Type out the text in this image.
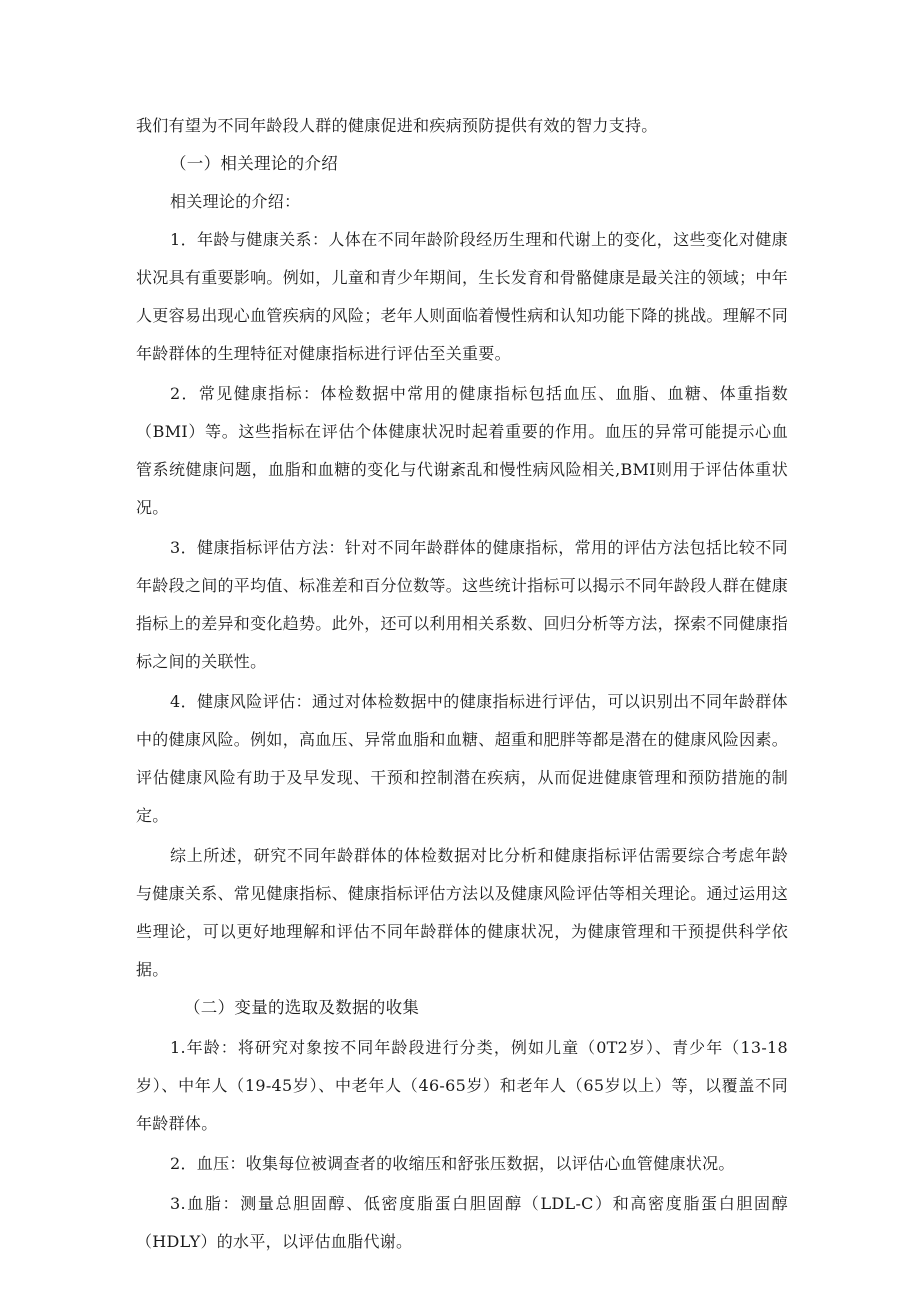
我们有望为不同年龄段人群的健康促进和疾病预防提供有效的智力支持。

（一）相关理论的介绍

相关理论的介绍：

1．年龄与健康关系：人体在不同年龄阶段经历生理和代谢上的变化，这些变化对健康状况具有重要影响。例如，儿童和青少年期间，生长发育和骨骼健康是最关注的领域；中年人更容易出现心血管疾病的风险；老年人则面临着慢性病和认知功能下降的挑战。理解不同年龄群体的生理特征对健康指标进行评估至关重要。

2．常见健康指标：体检数据中常用的健康指标包括血压、血脂、血糖、体重指数（BMI）等。这些指标在评估个体健康状况时起着重要的作用。血压的异常可能提示心血管系统健康问题，血脂和血糖的变化与代谢紊乱和慢性病风险相关,BMI则用于评估体重状况。

3．健康指标评估方法：针对不同年龄群体的健康指标，常用的评估方法包括比较不同年龄段之间的平均值、标准差和百分位数等。这些统计指标可以揭示不同年龄段人群在健康指标上的差异和变化趋势。此外，还可以利用相关系数、回归分析等方法，探索不同健康指标之间的关联性。

4．健康风险评估：通过对体检数据中的健康指标进行评估，可以识别出不同年龄群体中的健康风险。例如，高血压、异常血脂和血糖、超重和肥胖等都是潜在的健康风险因素。评估健康风险有助于及早发现、干预和控制潜在疾病，从而促进健康管理和预防措施的制定。

综上所述，研究不同年龄群体的体检数据对比分析和健康指标评估需要综合考虑年龄与健康关系、常见健康指标、健康指标评估方法以及健康风险评估等相关理论。通过运用这些理论，可以更好地理解和评估不同年龄群体的健康状况，为健康管理和干预提供科学依据。

（二）变量的选取及数据的收集

1.年龄：将研究对象按不同年龄段进行分类，例如儿童（0T2岁）、青少年（13-18岁）、中年人（19-45岁）、中老年人（46-65岁）和老年人（65岁以上）等，以覆盖不同年龄群体。

2．血压：收集每位被调查者的收缩压和舒张压数据，以评估心血管健康状况。

3.血脂：测量总胆固醇、低密度脂蛋白胆固醇（LDL-C）和高密度脂蛋白胆固醇（HDLY）的水平，以评估血脂代谢。
